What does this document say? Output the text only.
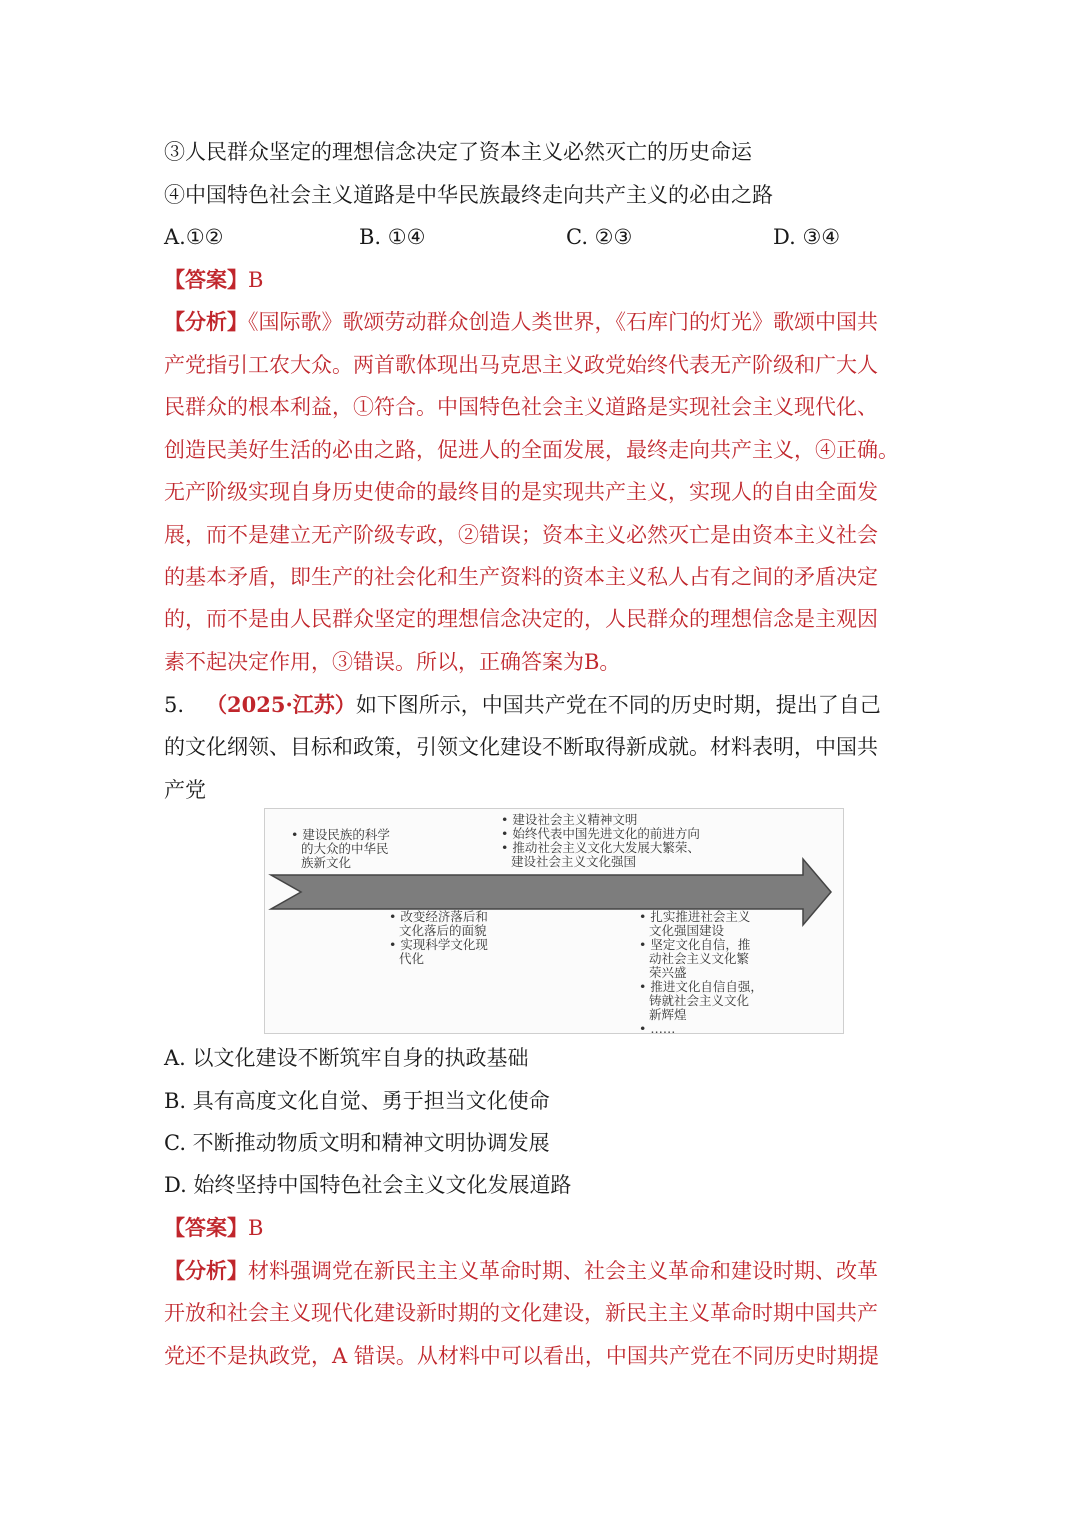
③人民群众坚定的理想信念决定了资本主义必然灭亡的历史命运
④中国特色社会主义道路是中华民族最终走向共产主义的必由之路
A.①②	B. ①④	C. ②③	D. ③④
【答案】B
【分析】《国际歌》歌颂劳动群众创造人类世界，《石库门的灯光》歌颂中国共
产党指引工农大众。两首歌体现出马克思主义政党始终代表无产阶级和广大人
民群众的根本利益，①符合。中国特色社会主义道路是实现社会主义现代化、
创造民美好生活的必由之路，促进人的全面发展，最终走向共产主义，④正确。
无产阶级实现自身历史使命的最终目的是实现共产主义，实现人的自由全面发
展，而不是建立无产阶级专政，②错误；资本主义必然灭亡是由资本主义社会
的基本矛盾，即生产的社会化和生产资料的资本主义私人占有之间的矛盾决定
的，而不是由人民群众坚定的理想信念决定的，人民群众的理想信念是主观因
素不起决定作用，③错误。所以，正确答案为B。
5. （2025·江苏）如下图所示，中国共产党在不同的历史时期，提出了自己
的文化纲领、目标和政策，引领文化建设不断取得新成就。材料表明，中国共
产党

• 建设民族的科学

的大众的中华民

族新文化

• 建设社会主义精神文明

• 始终代表中国先进文化的前进方向

• 推动社会主义文化大发展大繁荣、

建设社会主义文化强国

• 改变经济落后和

文化落后的面貌

• 实现科学文化现

代化

• 扎实推进社会主义

文化强国建设

• 坚定文化自信，推

动社会主义文化繁

荣兴盛

• 推进文化自信自强，

铸就社会主义文化

新辉煌

• ……

A. 以文化建设不断筑牢自身的执政基础
B. 具有高度文化自觉、勇于担当文化使命
C. 不断推动物质文明和精神文明协调发展
D. 始终坚持中国特色社会主义文化发展道路
【答案】B
【分析】材料强调党在新民主主义革命时期、社会主义革命和建设时期、改革
开放和社会主义现代化建设新时期的文化建设，新民主主义革命时期中国共产
党还不是执政党，A 错误。从材料中可以看出，中国共产党在不同历史时期提
